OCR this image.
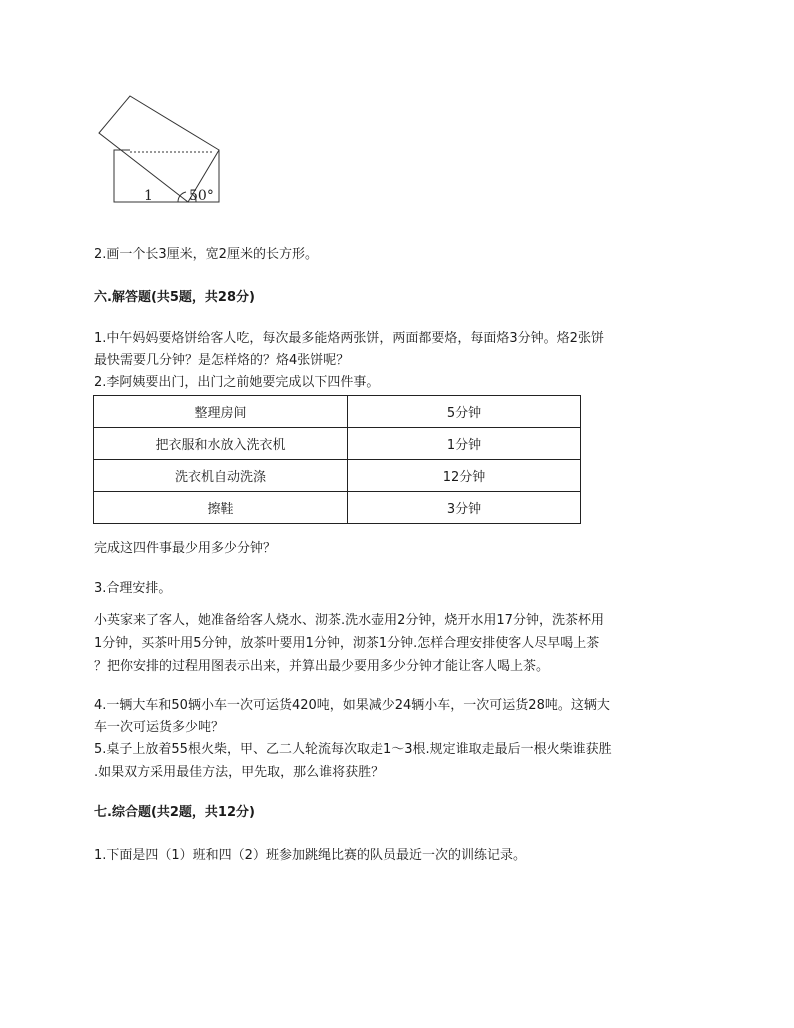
1	50°
2.画一个长3厘米，宽2厘米的长方形。
六.解答题(共5题，共28分)
1.中午妈妈要烙饼给客人吃，每次最多能烙两张饼，两面都要烙，每面烙3分钟。烙2张饼
最快需要几分钟？是怎样烙的？烙4张饼呢？
2.李阿姨要出门，出门之前她要完成以下四件事。
整理房间	5分钟
把衣服和水放入洗衣机	1分钟
洗衣机自动洗涤	12分钟
擦鞋	3分钟
完成这四件事最少用多少分钟？
3.合理安排。
小英家来了客人，她准备给客人烧水、沏茶.洗水壶用2分钟，烧开水用17分钟，洗茶杯用
1分钟，买茶叶用5分钟，放茶叶要用1分钟，沏茶1分钟.怎样合理安排使客人尽早喝上茶
？把你安排的过程用图表示出来，并算出最少要用多少分钟才能让客人喝上茶。
4.一辆大车和50辆小车一次可运货420吨，如果减少24辆小车，一次可运货28吨。这辆大
车一次可运货多少吨？
5.桌子上放着55根火柴，甲、乙二人轮流每次取走1～3根.规定谁取走最后一根火柴谁获胜
.如果双方采用最佳方法，甲先取，那么谁将获胜？
七.综合题(共2题，共12分)
1.下面是四（1）班和四（2）班参加跳绳比赛的队员最近一次的训练记录。
